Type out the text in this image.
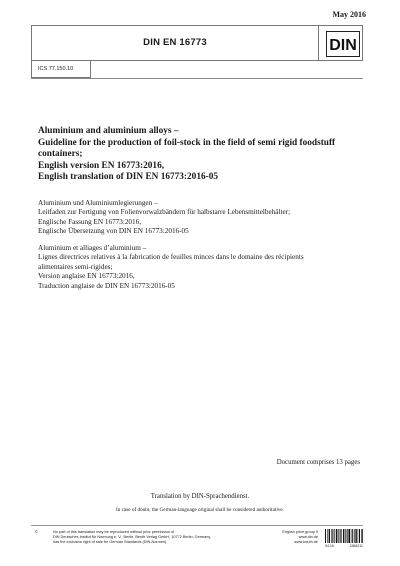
May 2016
DIN EN 16773	DIN
ICS 77.150.10
Aluminium and aluminium alloys –
Guideline for the production of foil-stock in the field of semi rigid foodstuff
containers;
English version EN 16773:2016,
English translation of DIN EN 16773:2016-05
Aluminium und Aluminiumlegierungen –
Leitfaden zur Fertigung von Folienvorwalzbändern für halbstarre Lebensmittelbehälter;
Englische Fassung EN 16773:2016,
Englische Übersetzung von DIN EN 16773:2016-05
Aluminium et alliages d’aluminium –
Lignes directrices relatives à la fabrication de feuilles minces dans le domaine des récipients
alimentaires semi-rigides;
Version anglaise EN 16773:2016,
Traduction anglaise de DIN EN 16773:2016-05
Document comprises 13 pages
Translation by DIN-Sprachendienst.
In case of doubt, the German-language original shall be considered authoritative.
©	No part of this translation may be reproduced without prior permission of
DIN Deutsches Institut für Normung e. V., Berlin. Beuth Verlag GmbH, 10772 Berlin, Germany,
has the exclusive right of sale for German Standards (DIN-Normen).
English price group 9
www.din.de
www.beuth.de
04.16	2484211
